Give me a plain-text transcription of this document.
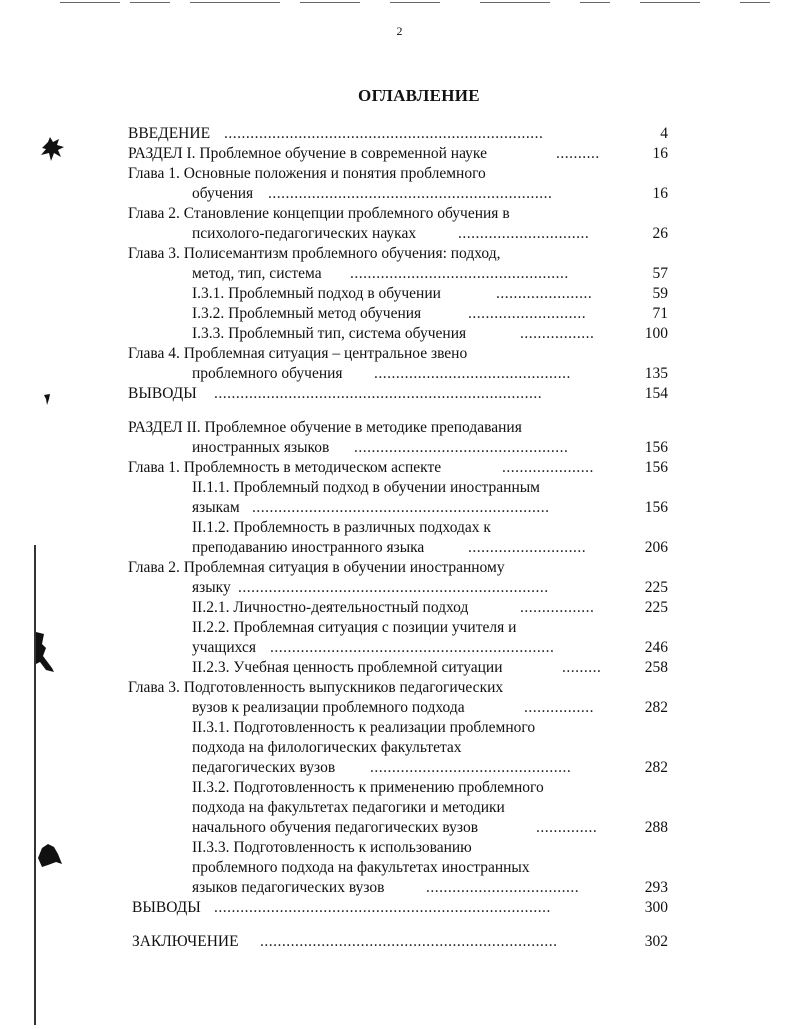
2
ОГЛАВЛЕНИЕ
ВВЕДЕНИЕ .........................................................................	4
РАЗДЕЛ I. Проблемное обучение в современной науке	..........	16
Глава 1. Основные положения и понятия проблемного
обучения .................................................................	16
Глава 2. Становление концепции проблемного обучения в
психолого-педагогических науках	..............................	26
Глава 3. Полисемантизм проблемного обучения: подход,
метод, тип, система ..................................................	57
I.3.1. Проблемный подход в обучении	......................	59
I.3.2. Проблемный метод обучения	...........................	71
I.3.3. Проблемный тип, система обучения	.................	100
Глава 4. Проблемная ситуация – центральное звено
проблемного обучения .............................................	135
ВЫВОДЫ ...........................................................................	154
РАЗДЕЛ II. Проблемное обучение в методике преподавания
иностранных языков .................................................	156
Глава 1. Проблемность в методическом аспекте	.....................	156
II.1.1. Проблемный подход в обучении иностранным
языкам ....................................................................	156
II.1.2. Проблемность в различных подходах к
преподаванию иностранного языка	...........................	206
Глава 2. Проблемная ситуация в обучении иностранному
языку .......................................................................	225
II.2.1. Личностно-деятельностный подход	.................	225
II.2.2. Проблемная ситуация с позиции учителя и
учащихся .................................................................	246
II.2.3. Учебная ценность проблемной ситуации	.........	258
Глава 3. Подготовленность выпускников педагогических
вузов к реализации проблемного подхода	................	282
II.3.1. Подготовленность к реализации проблемного
подхода на филологических факультетах
педагогических вузов ..............................................	282
II.3.2. Подготовленность к применению проблемного
подхода на факультетах педагогики и методики
начального обучения педагогических вузов	..............	288
II.3.3. Подготовленность к использованию
проблемного подхода на факультетах иностранных
языков педагогических вузов	...................................	293
ВЫВОДЫ .............................................................................	300
ЗАКЛЮЧЕНИЕ ....................................................................	302
